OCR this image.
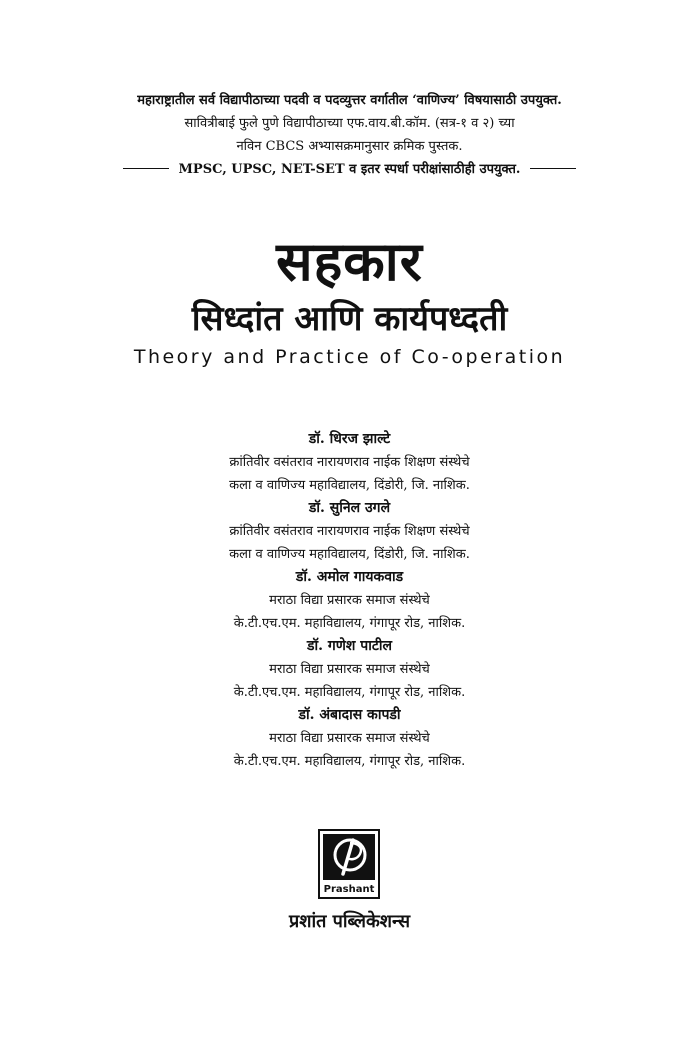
महाराष्ट्रातील सर्व विद्यापीठाच्या पदवी व पदव्युत्तर वर्गातील ‘वाणिज्य’ विषयासाठी उपयुक्त.
सावित्रीबाई फुले पुणे विद्यापीठाच्या एफ.वाय.बी.कॉम. (सत्र-१ व २) च्या
नविन CBCS अभ्यासक्रमानुसार क्रमिक पुस्तक.
MPSC, UPSC, NET-SET व इतर स्पर्धा परीक्षांसाठीही उपयुक्त.
सहकार
सिध्दांत आणि कार्यपध्दती
Theory and Practice of Co-operation
डॉ. धिरज झाल्टे
क्रांतिवीर वसंतराव नारायणराव नाईक शिक्षण संस्थेचे
कला व वाणिज्य महाविद्यालय, दिंडोरी, जि. नाशिक.
डॉ. सुनिल उगले
क्रांतिवीर वसंतराव नारायणराव नाईक शिक्षण संस्थेचे
कला व वाणिज्य महाविद्यालय, दिंडोरी, जि. नाशिक.
डॉ. अमोल गायकवाड
मराठा विद्या प्रसारक समाज संस्थेचे
के.टी.एच.एम. महाविद्यालय, गंगापूर रोड, नाशिक.
डॉ. गणेश पाटील
मराठा विद्या प्रसारक समाज संस्थेचे
के.टी.एच.एम. महाविद्यालय, गंगापूर रोड, नाशिक.
डॉ. अंबादास कापडी
मराठा विद्या प्रसारक समाज संस्थेचे
के.टी.एच.एम. महाविद्यालय, गंगापूर रोड, नाशिक.
Prashant
प्रशांत पब्लिकेशन्स
